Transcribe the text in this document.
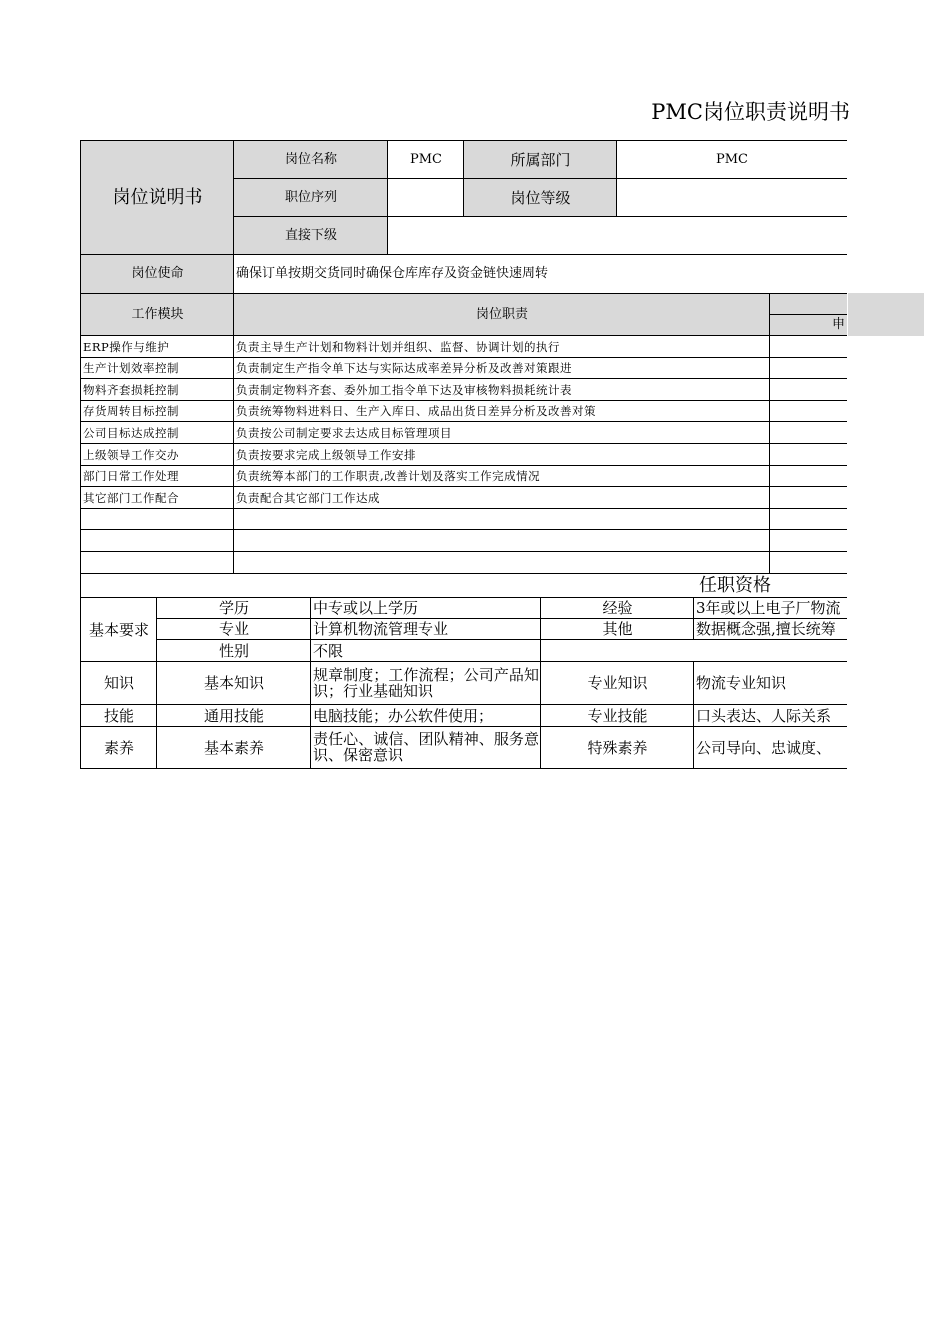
PMC岗位职责说明书
岗位说明书
岗位名称	PMC	所属部门	PMC
职位序列	岗位等级
直接下级
岗位使命	确保订单按期交货同时确保仓库库存及资金链快速周转
工作模块	岗位职责
申
ERP操作与维护	负责主导生产计划和物料计划并组织、监督、协调计划的执行
生产计划效率控制	负责制定生产指令单下达与实际达成率差异分析及改善对策跟进
物料齐套损耗控制	负责制定物料齐套、委外加工指令单下达及审核物料损耗统计表
存货周转目标控制	负责统筹物料进料日、生产入库日、成品出货日差异分析及改善对策
公司目标达成控制	负责按公司制定要求去达成目标管理项目
上级领导工作交办	负责按要求完成上级领导工作安排
部门日常工作处理	负责统筹本部门的工作职责,改善计划及落实工作完成情况
其它部门工作配合	负责配合其它部门工作达成
任职资格
基本要求
学历	中专或以上学历	经验	3年或以上电子厂物流
专业	计算机物流管理专业	其他	数据概念强,擅长统筹
性别	不限
知识	基本知识	规章制度；工作流程；公司产品知识；行业基础知识	专业知识	物流专业知识
技能	通用技能	电脑技能；办公软件使用；	专业技能	口头表达、人际关系
素养	基本素养	责任心、诚信、团队精神、服务意识、保密意识	特殊素养	公司导向、忠诚度、
